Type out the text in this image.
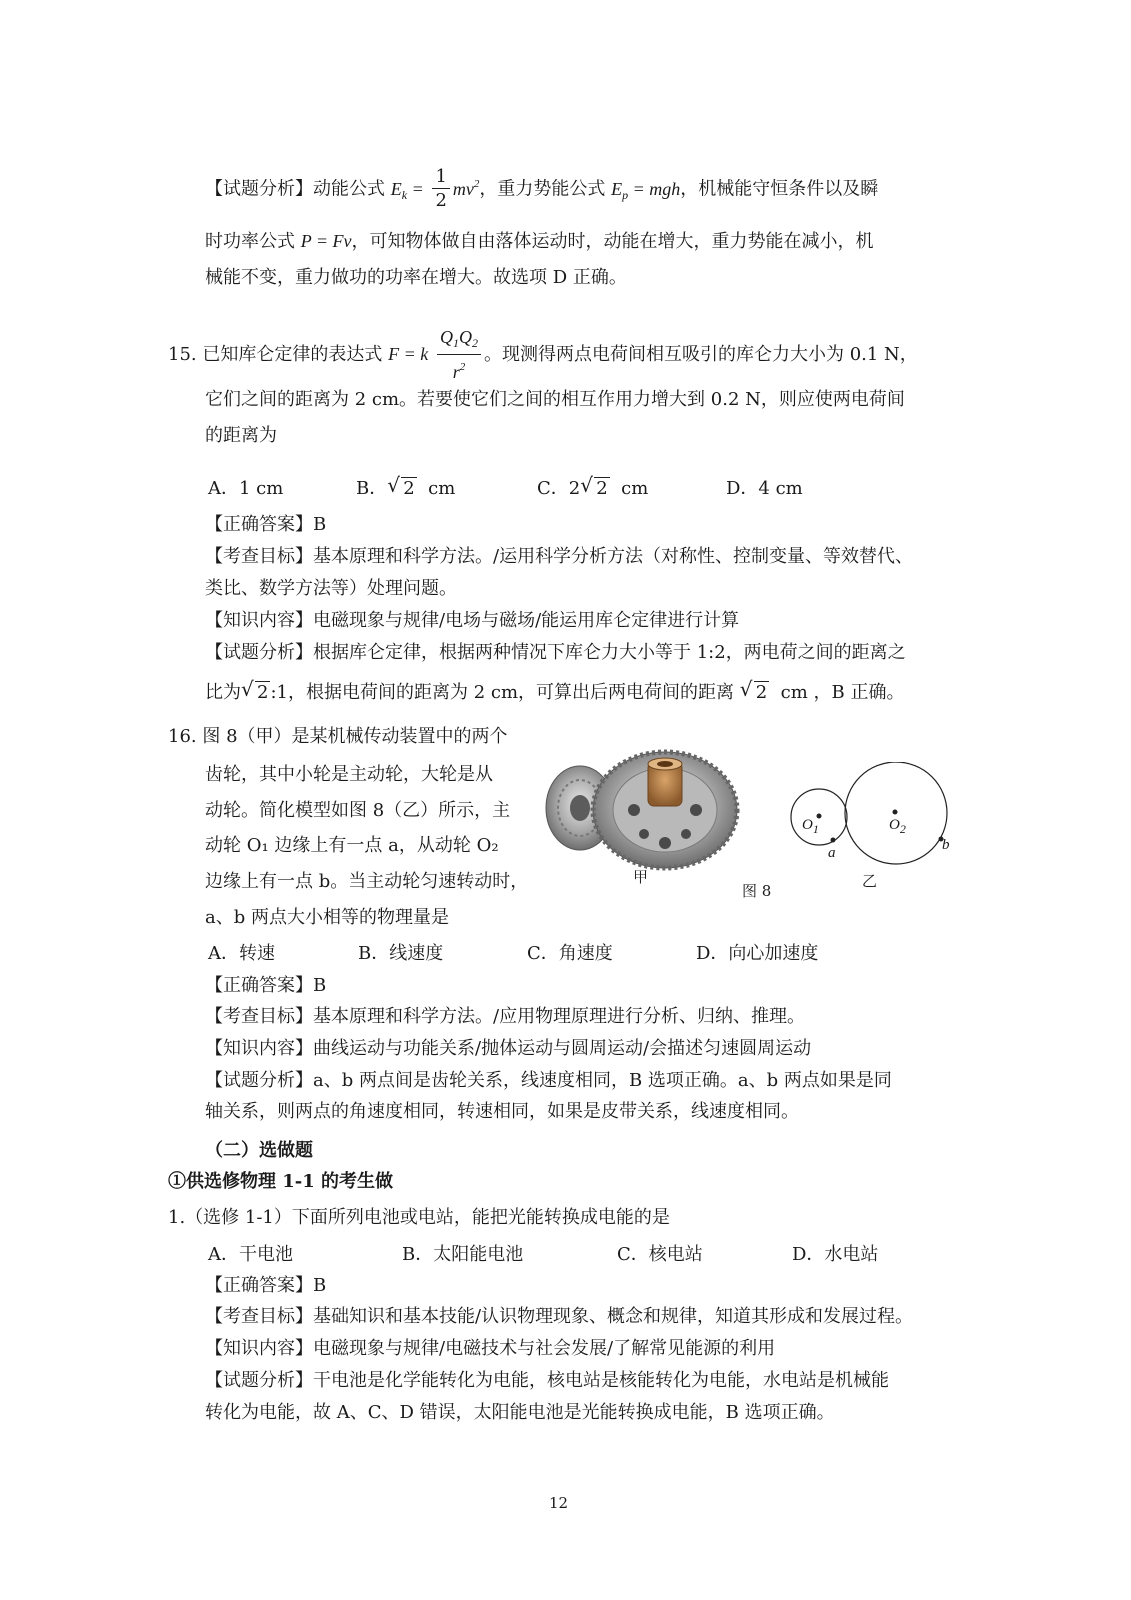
【试题分析】动能公式 $E_k = \frac{1}{2} mv^2$，重力势能公式 $E_p$ = mgh，机械能守恒条件以及瞬
时功率公式 P = Fv，可知物体做自由落体运动时，动能在增大，重力势能在减小，机
械能不变，重力做功的功率在增大。故选项 D 正确。
15. 已知库仑定律的表达式 F = k $\frac{Q_1Q_2}{r^2}$ 。现测得两点电荷间相互吸引的库仑力大小为 0.1 N，
它们之间的距离为 2 cm。若要使它们之间的相互作用力增大到 0.2 N，则应使两电荷间
的距离为
A．1 cm	B． √ 2 cm	C．2 √ 2 cm	D．4 cm
【正确答案】B
【考查目标】基本原理和科学方法。/运用科学分析方法（对称性、控制变量、等效替代、
类比、数学方法等）处理问题。
【知识内容】电磁现象与规律/电场与磁场/能运用库仑定律进行计算
【试题分析】根据库仑定律，根据两种情况下库仑力大小等于 1:2，两电荷之间的距离之
比为 √ 2 :1，根据电荷间的距离为 2 cm，可算出后两电荷间的距离 √ 2 cm ，B 正确。
16. 图 8（甲）是某机械传动装置中的两个
齿轮，其中小轮是主动轮，大轮是从
动轮。简化模型如图 8（乙）所示，主
动轮 O₁ 边缘上有一点 a，从动轮 O₂
边缘上有一点 b。当主动轮匀速转动时，
a、b 两点大小相等的物理量是
甲
图 8
乙
$O_1$	$O_2$
a	b
A．转速	B．线速度	C．角速度	D．向心加速度
【正确答案】B
【考查目标】基本原理和科学方法。/应用物理原理进行分析、归纳、推理。
【知识内容】曲线运动与功能关系/抛体运动与圆周运动/会描述匀速圆周运动
【试题分析】a、b 两点间是齿轮关系，线速度相同，B 选项正确。a、b 两点如果是同
轴关系，则两点的角速度相同，转速相同，如果是皮带关系，线速度相同。
（二）选做题
①供选修物理 1-1 的考生做
1.（选修 1-1）下面所列电池或电站，能把光能转换成电能的是
A．干电池	B．太阳能电池	C．核电站	D．水电站
【正确答案】B
【考查目标】基础知识和基本技能/认识物理现象、概念和规律，知道其形成和发展过程。
【知识内容】电磁现象与规律/电磁技术与社会发展/了解常见能源的利用
【试题分析】干电池是化学能转化为电能，核电站是核能转化为电能，水电站是机械能
转化为电能，故 A、C、D 错误，太阳能电池是光能转换成电能，B 选项正确。
12
